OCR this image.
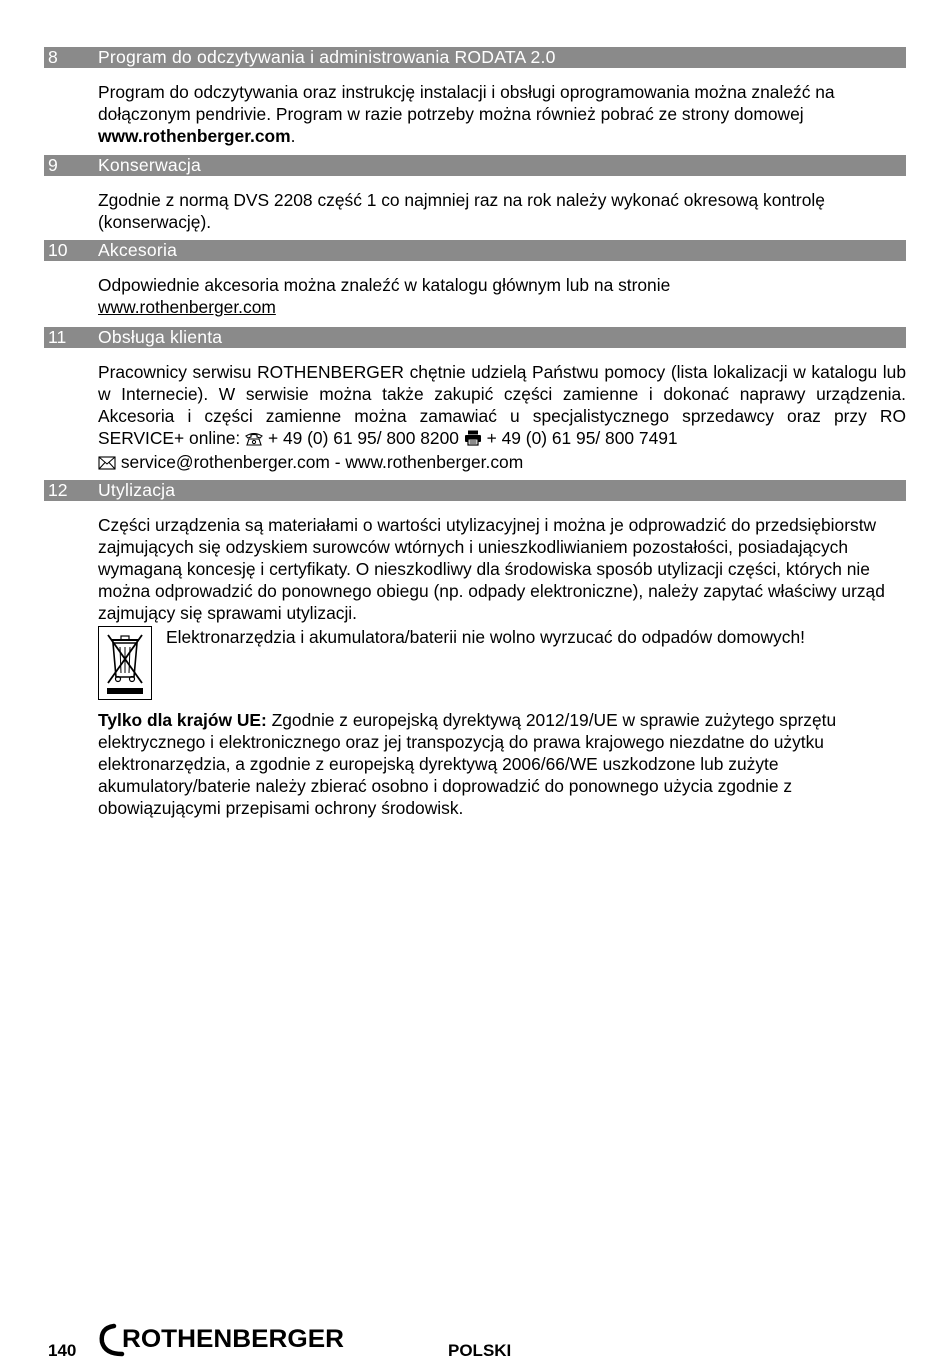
8 Program do odczytywania i administrowania RODATA 2.0

Program do odczytywania oraz instrukcję instalacji i obsługi oprogramowania można znaleźć na dołączonym pendrivie. Program w razie potrzeby można również pobrać ze strony domowej www.rothenberger.com.

9 Konserwacja

Zgodnie z normą DVS 2208 część 1 co najmniej raz na rok należy wykonać okresową kontrolę (konserwację).

10 Akcesoria

Odpowiednie akcesoria można znaleźć w katalogu głównym lub na stronie

www.rothenberger.com

11 Obsługa klienta

Pracownicy serwisu ROTHENBERGER chętnie udzielą Państwu pomocy (lista lokalizacji w katalogu lub w Internecie). W serwisie można także zakupić części zamienne i dokonać naprawy urządzenia. Akcesoria i części zamienne można zamawiać u specjalistycznego sprzedawcy oraz przy RO SERVICE+ online:  + 49 (0) 61 95/ 800 8200  + 49 (0) 61 95/ 800 7491
service@rothenberger.com - www.rothenberger.com

12 Utylizacja

Części urządzenia są materiałami o wartości utylizacyjnej i można je odprowadzić do przedsiębiorstw zajmujących się odzyskiem surowców wtórnych i unieszkodliwianiem pozostałości, posiadających wymaganą koncesję i certyfikaty. O nieszkodliwy dla środowiska sposób utylizacji części, których nie można odprowadzić do ponownego obiegu (np. odpady elektroniczne), należy zapytać właściwy urząd zajmujący się sprawami utylizacji.

Elektronarzędzia i akumulatora/baterii nie wolno wyrzucać do odpadów domowych!

Tylko dla krajów UE: Zgodnie z europejską dyrektywą 2012/19/UE w sprawie zużytego sprzętu elektrycznego i elektronicznego oraz jej transpozycją do prawa krajowego niezdatne do użytku elektronarzędzia, a zgodnie z europejską dyrektywą 2006/66/WE uszkodzone lub zużyte akumulatory/baterie należy zbierać osobno i doprowadzić do ponownego użycia zgodnie z obowiązującymi przepisami ochrony środowisk.

140 ROTHENBERGER	POLSKI
